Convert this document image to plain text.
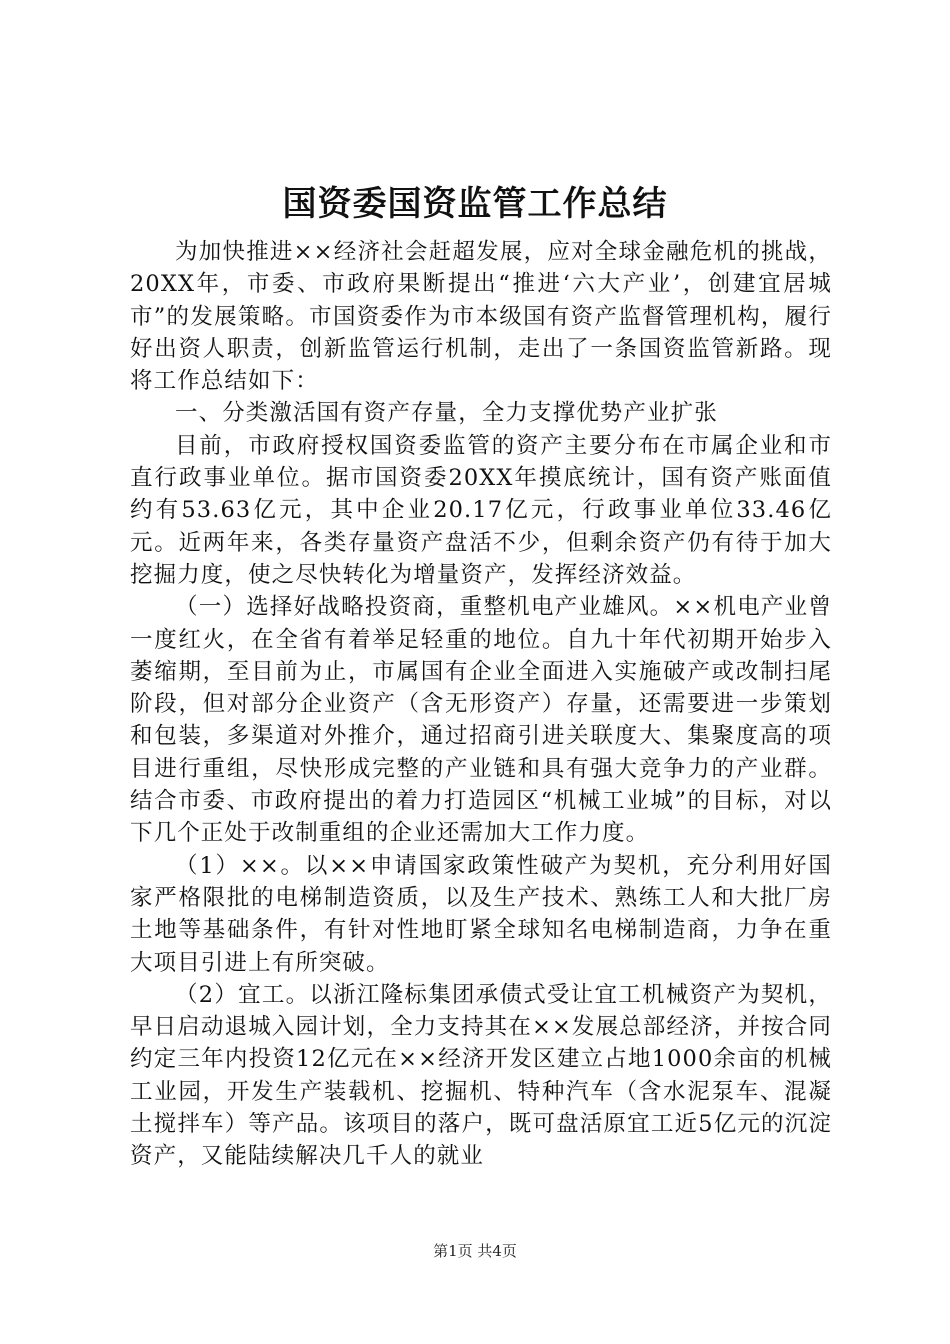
国资委国资监管工作总结

为加快推进××经济社会赶超发展，应对全球金融危机的挑战，20XX年，市委、市政府果断提出“推进‘六大产业’，创建宜居城市”的发展策略。市国资委作为市本级国有资产监督管理机构，履行好出资人职责，创新监管运行机制，走出了一条国资监管新路。现将工作总结如下：

一、分类激活国有资产存量，全力支撑优势产业扩张

目前，市政府授权国资委监管的资产主要分布在市属企业和市直行政事业单位。据市国资委20XX年摸底统计，国有资产账面值约有53.63亿元，其中企业20.17亿元，行政事业单位33.46亿元。近两年来，各类存量资产盘活不少，但剩余资产仍有待于加大挖掘力度，使之尽快转化为增量资产，发挥经济效益。

（一）选择好战略投资商，重整机电产业雄风。××机电产业曾一度红火，在全省有着举足轻重的地位。自九十年代初期开始步入萎缩期，至目前为止，市属国有企业全面进入实施破产或改制扫尾阶段，但对部分企业资产（含无形资产）存量，还需要进一步策划和包装，多渠道对外推介，通过招商引进关联度大、集聚度高的项目进行重组，尽快形成完整的产业链和具有强大竞争力的产业群。结合市委、市政府提出的着力打造园区“机械工业城”的目标，对以下几个正处于改制重组的企业还需加大工作力度。

（1）××。以××申请国家政策性破产为契机，充分利用好国家严格限批的电梯制造资质，以及生产技术、熟练工人和大批厂房土地等基础条件，有针对性地盯紧全球知名电梯制造商，力争在重大项目引进上有所突破。

（2）宜工。以浙江隆标集团承债式受让宜工机械资产为契机，早日启动退城入园计划，全力支持其在××发展总部经济，并按合同约定三年内投资12亿元在××经济开发区建立占地1000余亩的机械工业园，开发生产装载机、挖掘机、特种汽车（含水泥泵车、混凝土搅拌车）等产品。该项目的落户，既可盘活原宜工近5亿元的沉淀资产，又能陆续解决几千人的就业

第1页 共4页
